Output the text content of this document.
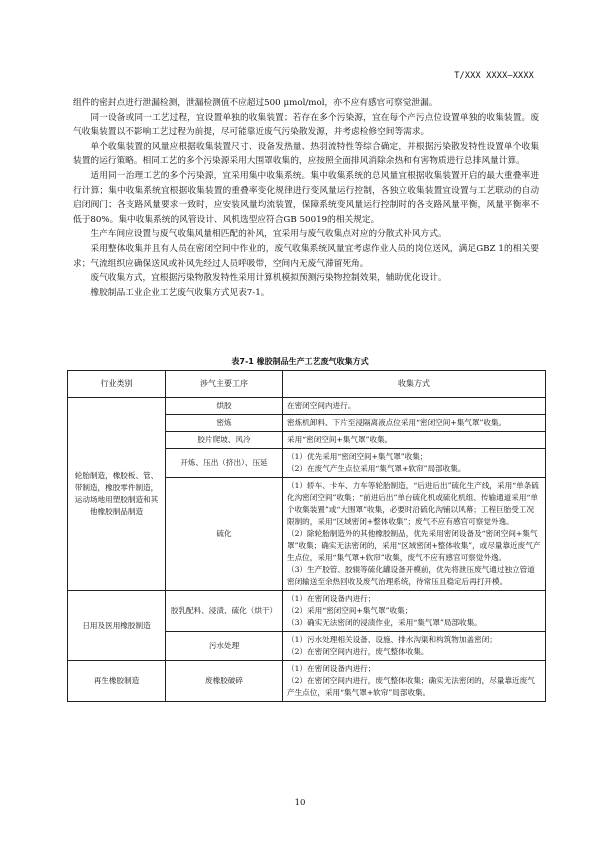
T/XXX XXXX—XXXX

组件的密封点进行泄漏检测，泄漏检测值不应超过500 μmol/mol，亦不应有感官可察觉泄漏。

同一设备或同一工艺过程，宜设置单独的收集装置；若存在多个污染源，宜在每个产污点位设置单独的收集装置。废气收集装置以不影响工艺过程为前提，尽可能靠近废气污染散发源，并考虑检修空间等需求。

单个收集装置的风量应根据收集装置尺寸、设备发热量、热羽流特性等综合确定，并根据污染散发特性设置单个收集装置的运行策略。相同工艺的多个污染源采用大围罩收集的，应按照全面排风消除余热和有害物质进行总排风量计算。

适用同一治理工艺的多个污染源，宜采用集中收集系统。集中收集系统的总风量宜根据收集装置开启的最大重叠率进行计算；集中收集系统宜根据收集装置的重叠率变化规律进行变风量运行控制，各独立收集装置宜设置与工艺联动的自动启闭阀门；各支路风量要求一致时，应安装风量均流装置，保障系统变风量运行控制时的各支路风量平衡，风量平衡率不低于80%。集中收集系统的风管设计、风机选型应符合GB 50019的相关规定。

生产车间应设置与废气收集风量相匹配的补风，宜采用与废气收集点对应的分散式补风方式。

采用整体收集并且有人员在密闭空间中作业的，废气收集系统风量宜考虑作业人员的岗位送风，满足GBZ 1的相关要求；气流组织应确保送风或补风先经过人员呼吸带，空间内无废气滞留死角。

废气收集方式，宜根据污染物散发特性采用计算机模拟预测污染物控制效果，辅助优化设计。

橡胶制品工业企业工艺废气收集方式见表7-1。

表7-1 橡胶制品生产工艺废气收集方式
行业类别	涉气主要工序	收集方式
轮胎制造，橡胶板、管、带制造，橡胶零件制造，运动场地用塑胶制造和其他橡胶制品制造	烘胶	在密闭空间内进行。
	密炼	密炼机卸料、下片至浸隔离液点位采用“密闭空间+集气罩”收集。
	胶片爬坡、风冷	采用“密闭空间+集气罩”收集。
	开炼、压出（挤出）、压延	（1）优先采用“密闭空间+集气罩”收集；
（2）在废气产生点位采用“集气罩+软帘”局部收集。

	硫化	（1）轿车、卡车、力车等轮胎制造，“后进后出”硫化生产线，采用“单条硫化沟密闭空间”收集；“前进后出”单台硫化机或硫化机组、传输通道采用“单个收集装置”或“大围罩”收集，必要时沿硫化沟铺以风幕；工程巨胎受工况限制的，采用“区域密闭+整体收集”；废气不应有感官可察觉外逸。
（2）除轮胎制造外的其他橡胶制品，优先采用密闭设备及“密闭空间+集气罩”收集；确实无法密闭的，采用“区域密闭+整体收集”，或尽量靠近废气产生点位，采用“集气罩+软帘”收集，废气不应有感官可察觉外逸。
（3）生产胶管、胶辊等硫化罐设备开模前，优先将泄压废气通过独立管道密闭输送至余热回收及废气治理系统，待常压且稳定后再打开模。

日用及医用橡胶制造	胶乳配料、浸渍、硫化（烘干）	（1）在密闭设备内进行；
（2）采用“密闭空间+集气罩”收集；
（3）确实无法密闭的浸渍作业，采用“集气罩”局部收集。

	污水处理	（1）污水处理相关设备、设施、排水沟渠和构筑物加盖密闭；
（2）在密闭空间内进行，废气整体收集。

再生橡胶制造	废橡胶破碎	（1）在密闭设备内进行；
（2）在密闭空间内进行，废气整体收集；确实无法密闭的，尽量靠近废气产生点位，采用“集气罩+软帘”局部收集。
10
